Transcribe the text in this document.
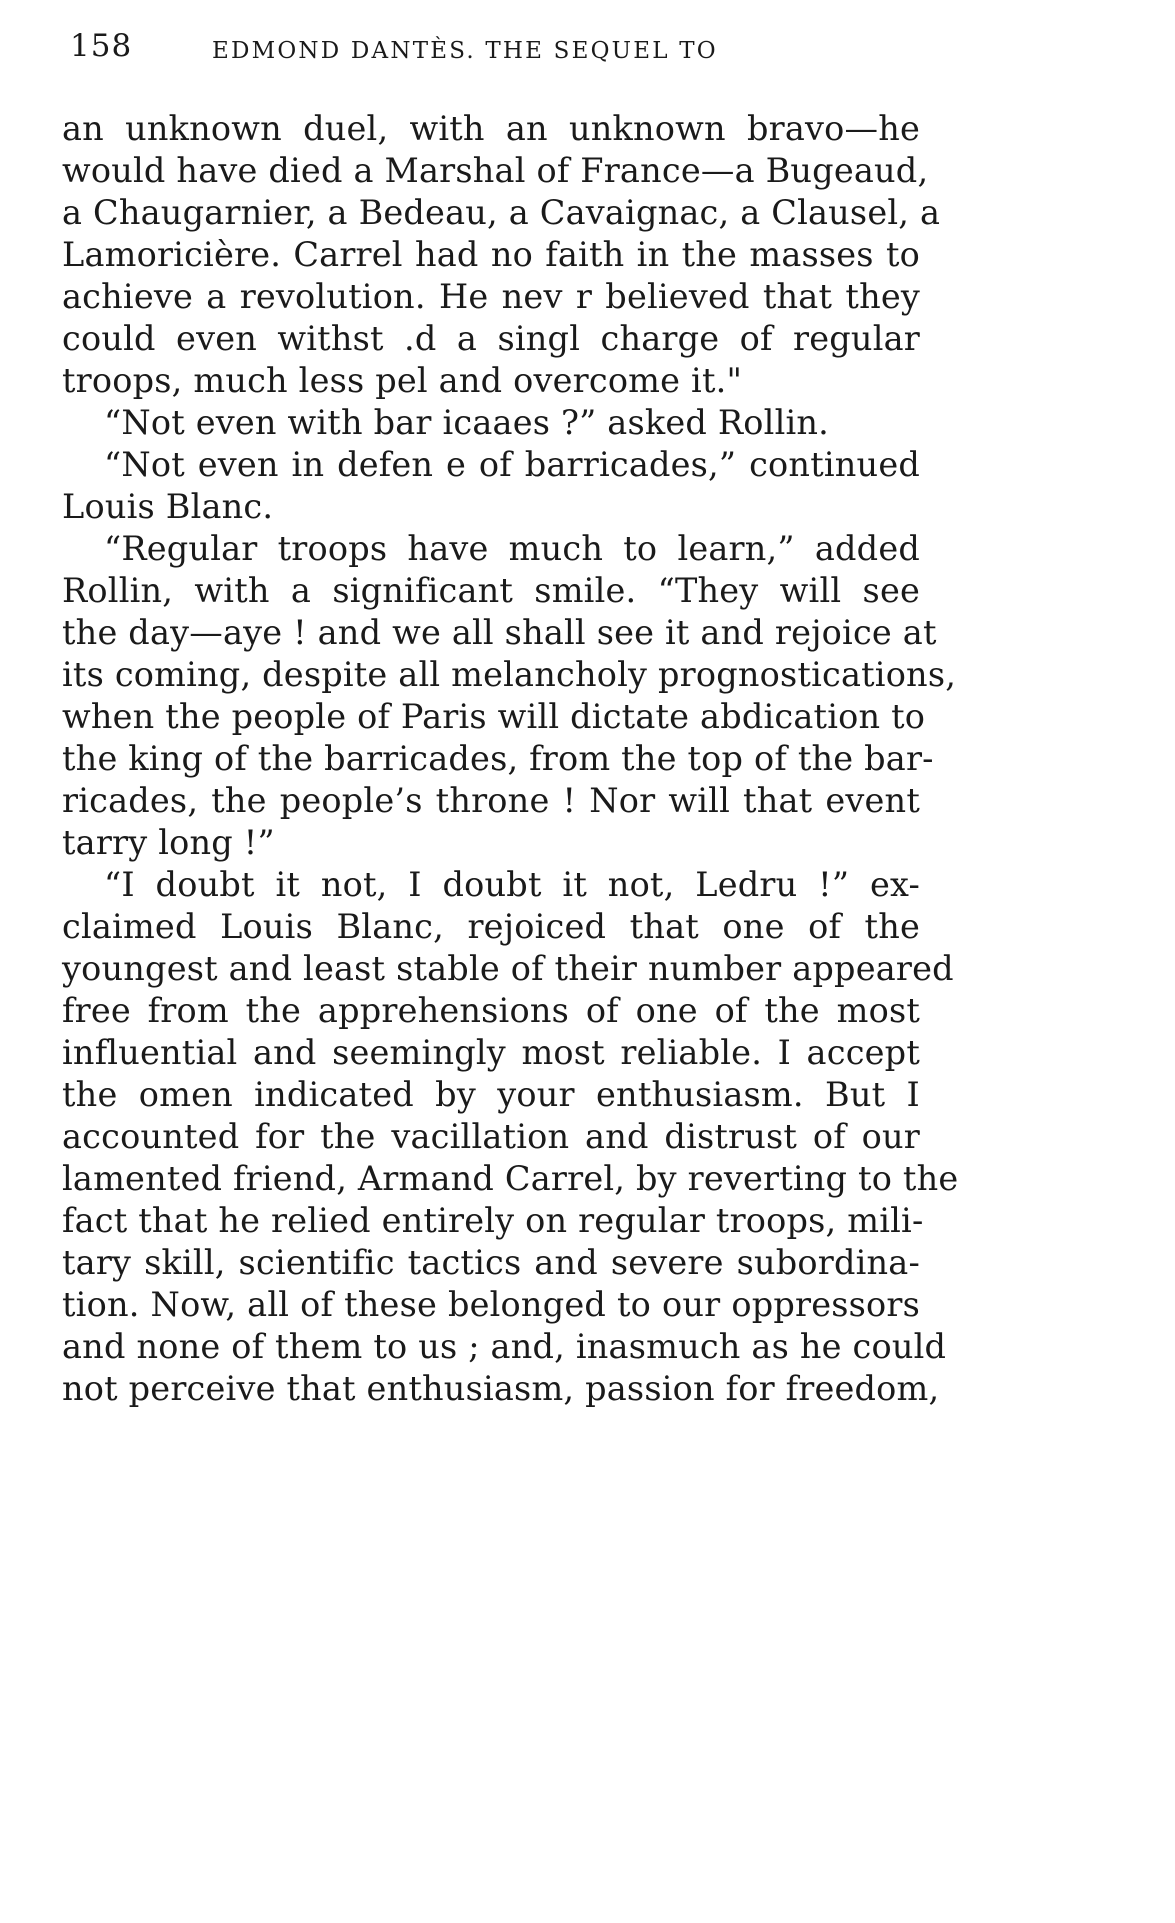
158	EDMOND DANTÈS. THE SEQUEL TO
an unknown duel, with an unknown bravo—he
would have died a Marshal of France—a Bugeaud,
a Chaugarnier, a Bedeau, a Cavaignac, a Clausel, a
Lamoricière. Carrel had no faith in the masses to
achieve a revolution. He nev r believed that they
could even withst .d a singl charge of regular
troops, much less pel and overcome it."
“Not even with bar icaaes ?” asked Rollin.
“Not even in defen e of barricades,” continued
Louis Blanc.
“Regular troops have much to learn,” added
Rollin, with a significant smile. “They will see
the day—aye ! and we all shall see it and rejoice at
its coming, despite all melancholy prognostications,
when the people of Paris will dictate abdication to
the king of the barricades, from the top of the bar-
ricades, the people’s throne ! Nor will that event
tarry long !”
“I doubt it not, I doubt it not, Ledru !” ex-
claimed Louis Blanc, rejoiced that one of the
youngest and least stable of their number appeared
free from the apprehensions of one of the most
influential and seemingly most reliable. I accept
the omen indicated by your enthusiasm. But I
accounted for the vacillation and distrust of our
lamented friend, Armand Carrel, by reverting to the
fact that he relied entirely on regular troops, mili-
tary skill, scientific tactics and severe subordina-
tion. Now, all of these belonged to our oppressors
and none of them to us ; and, inasmuch as he could
not perceive that enthusiasm, passion for freedom,
